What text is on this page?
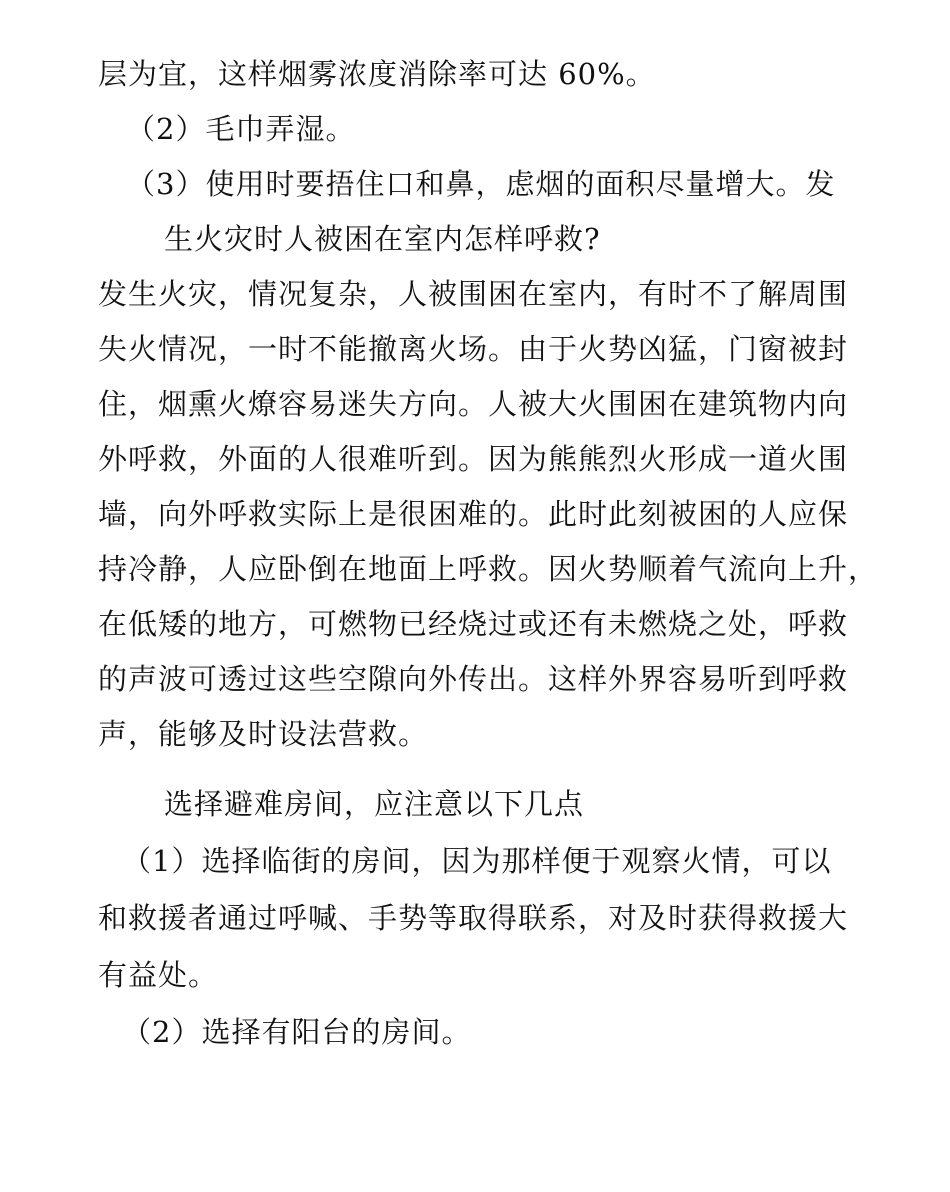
层为宜，这样烟雾浓度消除率可达 60%。
（2）毛巾弄湿。
（3）使用时要捂住口和鼻，虑烟的面积尽量增大。发
生火灾时人被困在室内怎样呼救?
发生火灾，情况复杂，人被围困在室内，有时不了解周围
失火情况，一时不能撤离火场。由于火势凶猛，门窗被封
住，烟熏火燎容易迷失方向。人被大火围困在建筑物内向
外呼救，外面的人很难听到。因为熊熊烈火形成一道火围
墙，向外呼救实际上是很困难的。此时此刻被困的人应保
持冷静，人应卧倒在地面上呼救。因火势顺着气流向上升，
在低矮的地方，可燃物已经烧过或还有未燃烧之处，呼救
的声波可透过这些空隙向外传出。这样外界容易听到呼救
声，能够及时设法营救。
选择避难房间，应注意以下几点
（1）选择临街的房间，因为那样便于观察火情，可以
和救援者通过呼喊、手势等取得联系，对及时获得救援大
有益处。
（2）选择有阳台的房间。
